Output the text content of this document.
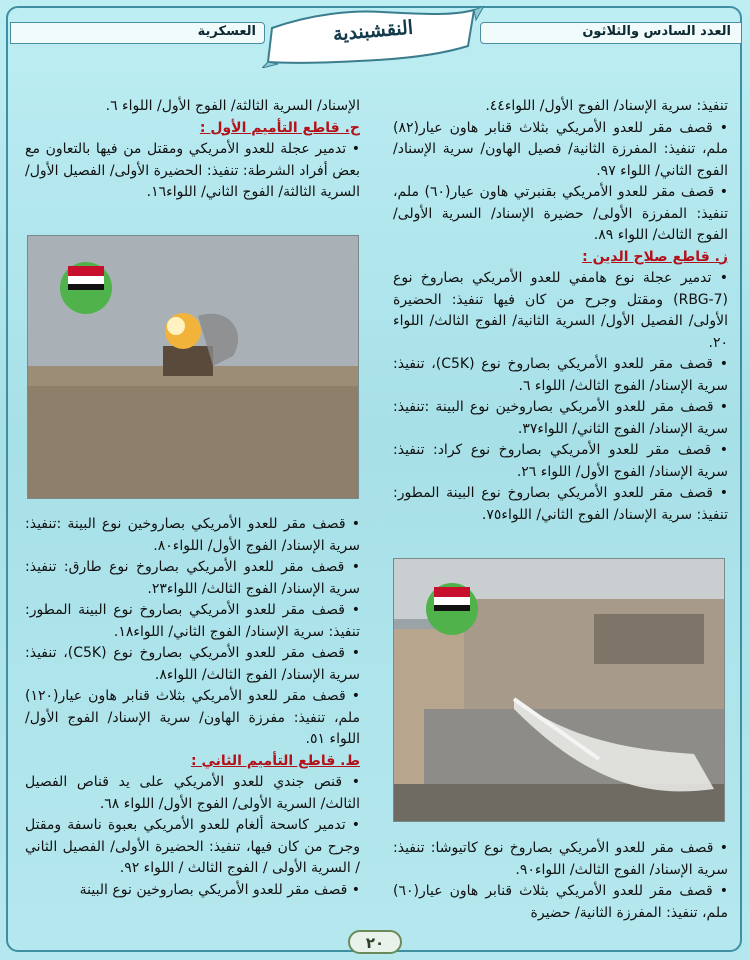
العسكرية	العدد السادس والثلاثون
النقشبندية

تنفيذ: سرية الإسناد/ الفوج الأول/ اللواء٤٤.

• قصف مقر للعدو الأمريكي بثلاث قنابر هاون عيار(٨٢) ملم، تنفيذ: المفرزة الثانية/ فصيل الهاون/ سرية الإسناد/ الفوج الثاني/ اللواء ٩٧.

• قصف مقر للعدو الأمريكي بقنبرتي هاون عيار(٦٠) ملم، تنفيذ: المفرزة الأولى/ حضيرة الإسناد/ السرية الأولى/ الفوج الثالث/ اللواء ٨٩.

ز. قاطع صلاح الدين :

• تدمير عجلة نوع هامفي للعدو الأمريكي بصاروخ نوع (RBG-7) ومقتل وجرح من كان فيها تنفيذ: الحضيرة الأولى/ الفصيل الأول/ السرية الثانية/ الفوج الثالث/ اللواء ٢٠.

• قصف مقر للعدو الأمريكي بصاروخ نوع (C5K)، تنفيذ: سرية الإسناد/ الفوج الثالث/ اللواء ٦.

• قصف مقر للعدو الأمريكي بصاروخين نوع البينة :تنفيذ: سرية الإسناد/ الفوج الثاني/ اللواء٣٧.

• قصف مقر للعدو الأمريكي بصاروخ نوع كراد: تنفيذ: سرية الإسناد/ الفوج الأول/ اللواء ٢٦.

• قصف مقر للعدو الأمريكي بصاروخ نوع البينة المطور: تنفيذ: سرية الإسناد/ الفوج الثاني/ اللواء٧٥.

• قصف مقر للعدو الأمريكي بصاروخ نوع كاتيوشا: تنفيذ: سرية الإسناد/ الفوج الثالث/ اللواء٩٠.

• قصف مقر للعدو الأمريكي بثلاث قنابر هاون عيار(٦٠) ملم، تنفيذ: المفرزة الثانية/ حضيرة

الإسناد/ السرية الثالثة/ الفوج الأول/ اللواء ٦.

ح. قاطع التأميم الأول :

• تدمير عجلة للعدو الأمريكي ومقتل من فيها بالتعاون مع بعض أفراد الشرطة: تنفيذ: الحضيرة الأولى/ الفصيل الأول/ السرية الثالثة/ الفوج الثاني/ اللواء١٦.

• قصف مقر للعدو الأمريكي بصاروخين نوع البينة :تنفيذ: سرية الإسناد/ الفوج الأول/ اللواء٨٠.

• قصف مقر للعدو الأمريكي بصاروخ نوع طارق: تنفيذ: سرية الإسناد/ الفوج الثالث/ اللواء٢٣.

• قصف مقر للعدو الأمريكي بصاروخ نوع البينة المطور: تنفيذ: سرية الإسناد/ الفوج الثاني/ اللواء١٨.

• قصف مقر للعدو الأمريكي بصاروخ نوع (C5K)، تنفيذ: سرية الإسناد/ الفوج الثالث/ اللواء٨.

• قصف مقر للعدو الأمريكي بثلاث قنابر هاون عيار(١٢٠) ملم، تنفيذ: مفرزة الهاون/ سرية الإسناد/ الفوج الأول/ اللواء ٥١.

ط. قاطع التأميم الثاني :

• قنص جندي للعدو الأمريكي على يد قناص الفصيل الثالث/ السرية الأولى/ الفوج الأول/ اللواء ٦٨.

• تدمير كاسحة ألغام للعدو الأمريكي بعبوة ناسفة ومقتل وجرح من كان فيها، تنفيذ: الحضيرة الأولى/ الفصيل الثاني / السرية الأولى / الفوج الثالث / اللواء ٩٢.

• قصف مقر للعدو الأمريكي بصاروخين نوع البينة

٢٠
